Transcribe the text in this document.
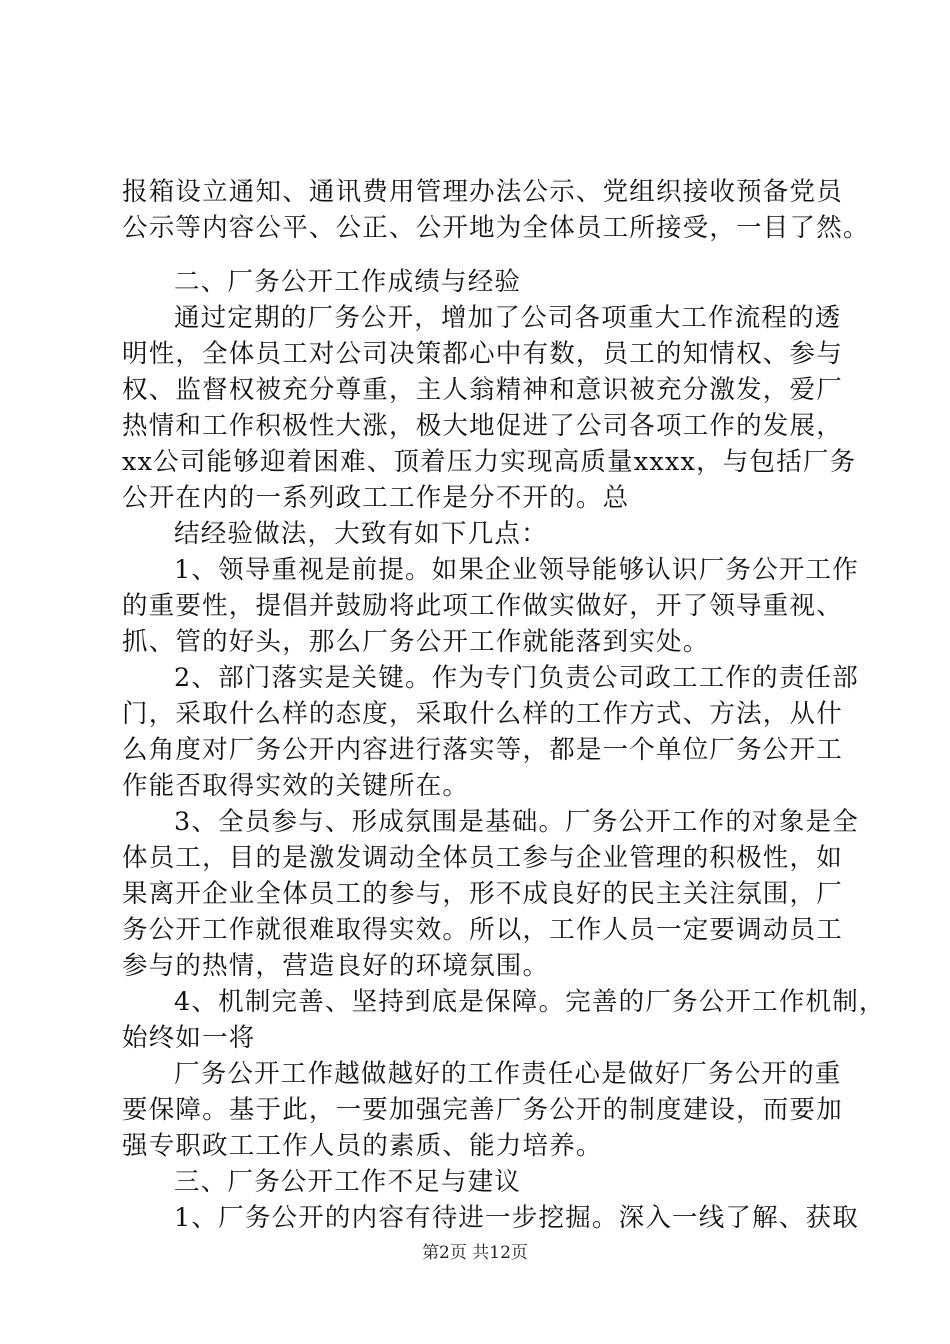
报箱设立通知、通讯费用管理办法公示、党组织接收预备党员
公示等内容公平、公正、公开地为全体员工所接受，一目了然。
二、厂务公开工作成绩与经验
通过定期的厂务公开，增加了公司各项重大工作流程的透
明性，全体员工对公司决策都心中有数，员工的知情权、参与
权、监督权被充分尊重，主人翁精神和意识被充分激发，爱厂
热情和工作积极性大涨，极大地促进了公司各项工作的发展，
xx公司能够迎着困难、顶着压力实现高质量xxxx，与包括厂务
公开在内的一系列政工工作是分不开的。总
结经验做法，大致有如下几点：
1、领导重视是前提。如果企业领导能够认识厂务公开工作
的重要性，提倡并鼓励将此项工作做实做好，开了领导重视、
抓、管的好头，那么厂务公开工作就能落到实处。
2、部门落实是关键。作为专门负责公司政工工作的责任部
门，采取什么样的态度，采取什么样的工作方式、方法，从什
么角度对厂务公开内容进行落实等，都是一个单位厂务公开工
作能否取得实效的关键所在。
3、全员参与、形成氛围是基础。厂务公开工作的对象是全
体员工，目的是激发调动全体员工参与企业管理的积极性，如
果离开企业全体员工的参与，形不成良好的民主关注氛围，厂
务公开工作就很难取得实效。所以，工作人员一定要调动员工
参与的热情，营造良好的环境氛围。
4、机制完善、坚持到底是保障。完善的厂务公开工作机制，
始终如一将
厂务公开工作越做越好的工作责任心是做好厂务公开的重
要保障。基于此，一要加强完善厂务公开的制度建设，而要加
强专职政工工作人员的素质、能力培养。
三、厂务公开工作不足与建议
1、厂务公开的内容有待进一步挖掘。深入一线了解、获取
第2页 共12页
